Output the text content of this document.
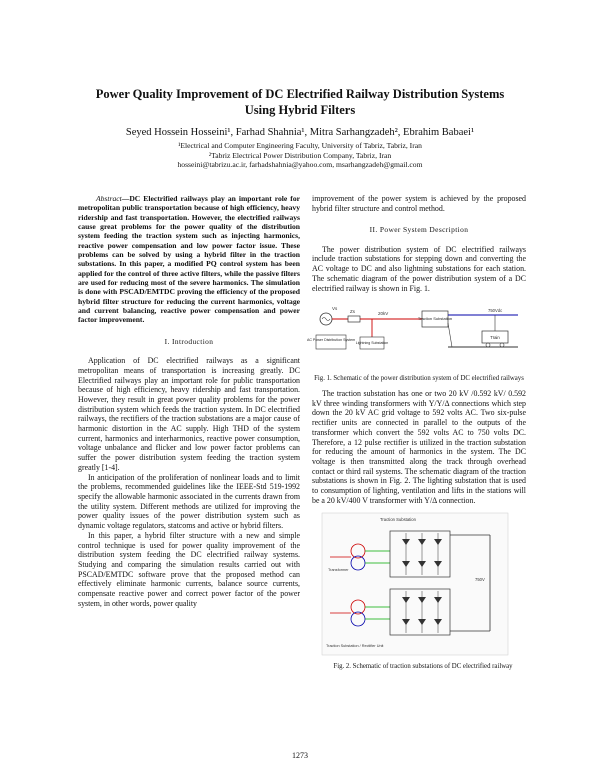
Power Quality Improvement of DC Electrified Railway Distribution Systems
Using Hybrid Filters
Seyed Hossein Hosseini¹, Farhad Shahnia¹, Mitra Sarhangzadeh², Ebrahim Babaei¹
¹Electrical and Computer Engineering Faculty, University of Tabriz, Tabriz, Iran
²Tabriz Electrical Power Distribution Company, Tabriz, Iran
hosseini@tabrizu.ac.ir, farhadshahnia@yahoo.com, msarhangzadeh@gmail.com

Abstract—DC Electrified railways play an important role for metropolitan public transportation because of high efficiency, heavy ridership and fast transportation. However, the electrified railways cause great problems for the power quality of the distribution system feeding the traction system such as injecting harmonics, reactive power compensation and low power factor issue. These problems can be solved by using a hybrid filter in the traction substations. In this paper, a modified PQ control system has been applied for the control of three active filters, while the passive filters are used for reducing most of the severe harmonics. The simulation is done with PSCAD/EMTDC proving the efficiency of the proposed hybrid filter structure for reducing the current harmonics, voltage and current balancing, reactive power compensation and power factor improvement.

I. Introduction

Application of DC electrified railways as a significant metropolitan means of transportation is increasing greatly. DC Electrified railways play an important role for public transportation because of high efficiency, heavy ridership and fast transportation. However, they result in great power quality problems for the power distribution system which feeds the traction system. In DC electrified railways, the rectifiers of the traction substations are a major cause of harmonic distortion in the AC supply. High THD of the system current, harmonics and interharmonics, reactive power consumption, voltage unbalance and flicker and low power factor problems can suffer the power distribution system feeding the traction system greatly [1-4].

In anticipation of the proliferation of nonlinear loads and to limit the problems, recommended guidelines like the IEEE-Std 519-1992 specify the allowable harmonic associated in the currents drawn from the utility system. Different methods are utilized for improving the power quality issues of the power distribution system such as dynamic voltage regulators, statcoms and active or hybrid filters.

In this paper, a hybrid filter structure with a new and simple control technique is used for power quality improvement of the distribution system feeding the DC electrified railway systems. Studying and comparing the simulation results carried out with PSCAD/EMTDC software prove that the proposed method can effectively eliminate harmonic currents, balance source currents, compensate reactive power and correct power factor of the power system, in other words, power quality

improvement of the power system is achieved by the proposed hybrid filter structure and control method.

II. Power System Description

The power distribution system of DC electrified railways include traction substations for stepping down and converting the AC voltage to DC and also lightning substations for each station. The schematic diagram of the power distribution system of a DC electrified railway is shown in Fig. 1.

Vs
Zs	20kV
AC Power Distribution System
Lightning Substation
Traction Substation
750Vdc
Train

Fig. 1. Schematic of the power distribution system of DC electrified railways

The traction substation has one or two 20 kV /0.592 kV/ 0.592 kV three winding transformers with Y/Y/Δ connections which step down the 20 kV AC grid voltage to 592 volts AC. Two six-pulse rectifier units are connected in parallel to the outputs of the transformer which convert the 592 volts AC to 750 volts DC. Therefore, a 12 pulse rectifier is utilized in the traction substation for reducing the amount of harmonics in the system. The DC voltage is then transmitted along the track through overhead contact or third rail systems. The schematic diagram of the traction substations is shown in Fig. 2. The lighting substation that is used to consumption of lighting, ventilation and lifts in the stations will be a 20 kV/400 V transformer with Y/Δ connection.

Traction Substation
Transformer
750V
Traction Substation / Rectifier Unit

Fig. 2. Schematic of traction substations of DC electrified railway

1273
